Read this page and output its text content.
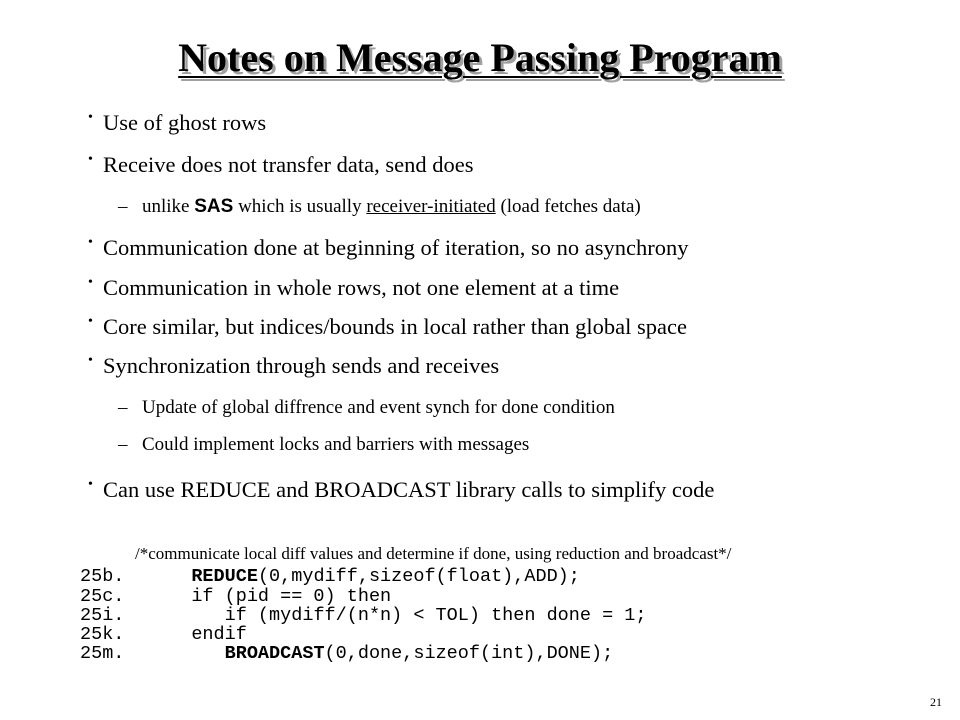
Notes on Message Passing Program
• Use of ghost rows
• Receive does not transfer data, send does
– unlike SAS which is usually receiver-initiated (load fetches data)
• Communication done at beginning of iteration, so no asynchrony
• Communication in whole rows, not one element at a time
• Core similar, but indices/bounds in local rather than global space
• Synchronization through sends and receives
– Update of global diffrence and event synch for done condition
– Could implement locks and barriers with messages
• Can use REDUCE and BROADCAST library calls to simplify code
/*communicate local diff values and determine if done, using reduction and broadcast*/
25b.	REDUCE(0,mydiff,sizeof(float),ADD);
25c.	if (pid == 0) then
25i.	if (mydiff/(n*n) < TOL) then done = 1;
25k.	endif
25m.	BROADCAST(0,done,sizeof(int),DONE);
21
